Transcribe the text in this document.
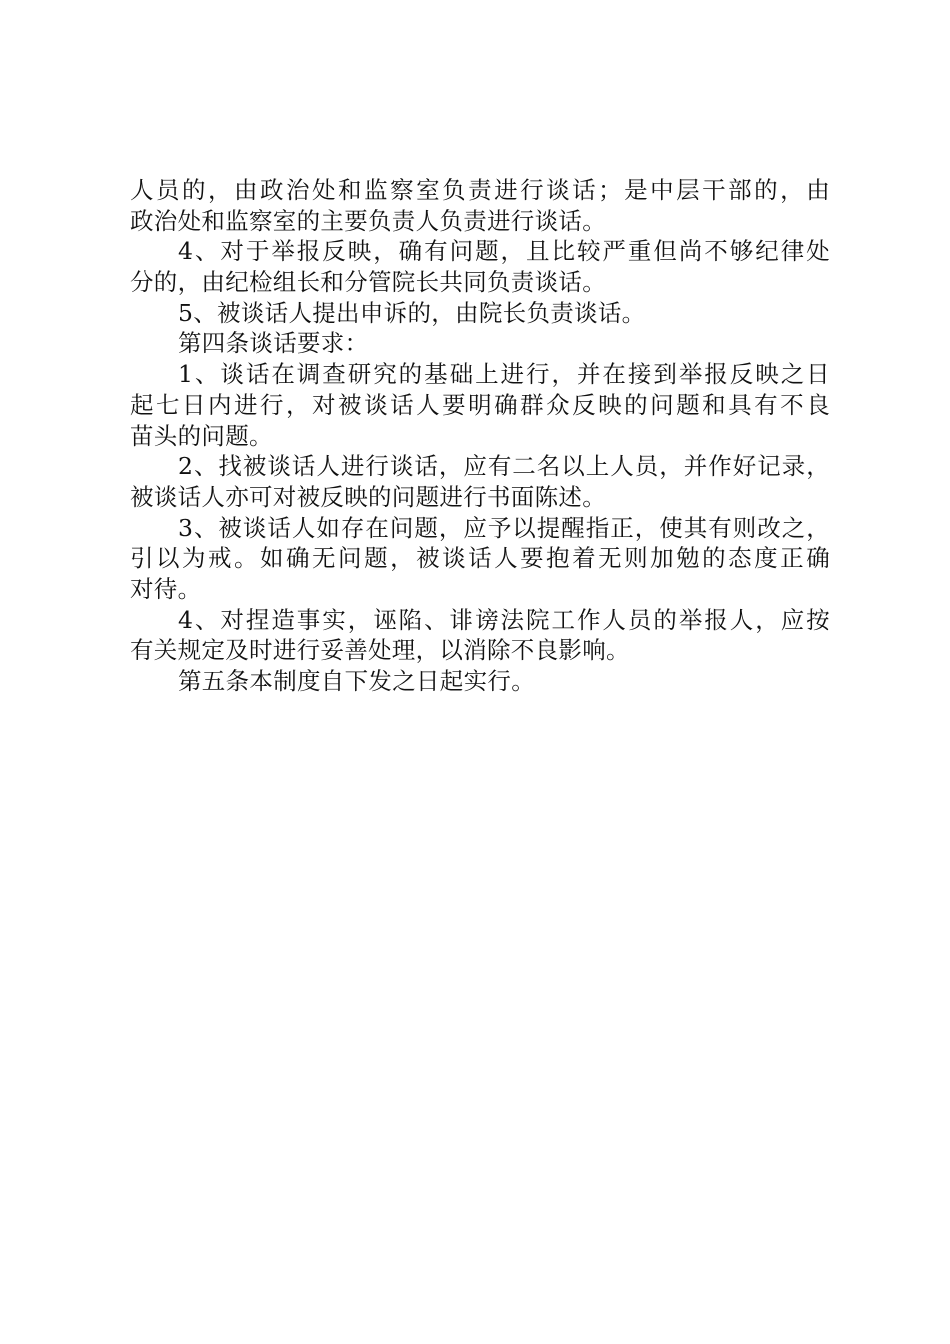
人员的，由政治处和监察室负责进行谈话；是中层干部的，由
政治处和监察室的主要负责人负责进行谈话。
4、对于举报反映，确有问题，且比较严重但尚不够纪律处
分的，由纪检组长和分管院长共同负责谈话。
5、被谈话人提出申诉的，由院长负责谈话。
第四条谈话要求：
1、谈话在调查研究的基础上进行，并在接到举报反映之日
起七日内进行，对被谈话人要明确群众反映的问题和具有不良
苗头的问题。
2、找被谈话人进行谈话，应有二名以上人员，并作好记录，
被谈话人亦可对被反映的问题进行书面陈述。
3、被谈话人如存在问题，应予以提醒指正，使其有则改之，
引以为戒。如确无问题，被谈话人要抱着无则加勉的态度正确
对待。
4、对捏造事实，诬陷、诽谤法院工作人员的举报人，应按
有关规定及时进行妥善处理，以消除不良影响。
第五条本制度自下发之日起实行。
